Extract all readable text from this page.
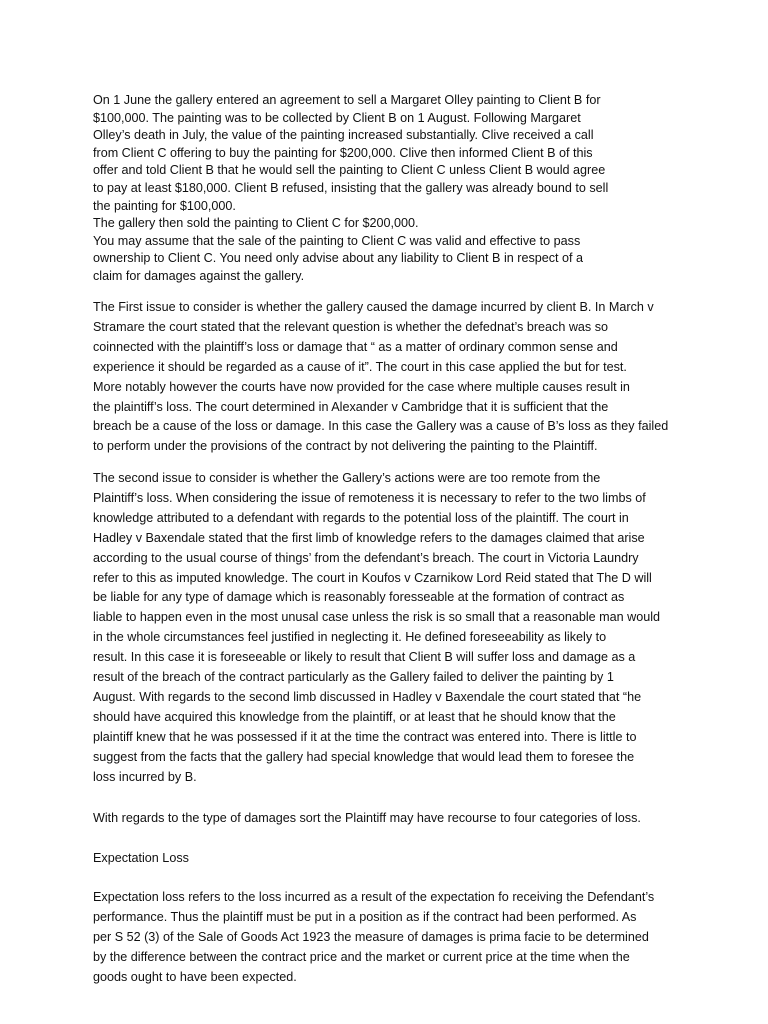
On 1 June the gallery entered an agreement to sell a Margaret Olley painting to Client B for
$100,000. The painting was to be collected by Client B on 1 August. Following Margaret
Olley’s death in July, the value of the painting increased substantially. Clive received a call
from Client C offering to buy the painting for $200,000. Clive then informed Client B of this
offer and told Client B that he would sell the painting to Client C unless Client B would agree
to pay at least $180,000. Client B refused, insisting that the gallery was already bound to sell
the painting for $100,000.
The gallery then sold the painting to Client C for $200,000.
You may assume that the sale of the painting to Client C was valid and effective to pass
ownership to Client C. You need only advise about any liability to Client B in respect of a
claim for damages against the gallery.

The First issue to consider is whether the gallery caused the damage incurred by client B. In March v
Stramare the court stated that the relevant question is whether the defednat’s breach was so
coinnected with the plaintiff’s loss or damage that “ as a matter of ordinary common sense and
experience it should be regarded as a cause of it”. The court in this case applied the but for test.
More notably however the courts have now provided for the case where multiple causes result in
the plaintiff’s loss. The court determined in Alexander v Cambridge that it is sufficient that the
breach be a cause of the loss or damage. In this case the Gallery was a cause of B’s loss as they failed
to perform under the provisions of the contract by not delivering the painting to the Plaintiff.

The second issue to consider is whether the Gallery’s actions were are too remote from the
Plaintiff’s loss. When considering the issue of remoteness it is necessary to refer to the two limbs of
knowledge attributed to a defendant with regards to the potential loss of the plaintiff. The court in
Hadley v Baxendale stated that the first limb of knowledge refers to the damages claimed that arise
according to the usual course of things’ from the defendant’s breach. The court in Victoria Laundry
refer to this as imputed knowledge. The court in Koufos v Czarnikow Lord Reid stated that The D will
be liable for any type of damage which is reasonably foresseable at the formation of contract as
liable to happen even in the most unusal case unless the risk is so small that a reasonable man would
in the whole circumstances feel justified in neglecting it. He defined foreseeability as likely to
result. In this case it is foreseeable or likely to result that Client B will suffer loss and damage as a
result of the breach of the contract particularly as the Gallery failed to deliver the painting by 1
August. With regards to the second limb discussed in Hadley v Baxendale the court stated that “he
should have acquired this knowledge from the plaintiff, or at least that he should know that the
plaintiff knew that he was possessed if it at the time the contract was entered into. There is little to
suggest from the facts that the gallery had special knowledge that would lead them to foresee the
loss incurred by B.

With regards to the type of damages sort the Plaintiff may have recourse to four categories of loss.

Expectation Loss

Expectation loss refers to the loss incurred as a result of the expectation fo receiving the Defendant’s
performance. Thus the plaintiff must be put in a position as if the contract had been performed. As
per S 52 (3) of the Sale of Goods Act 1923 the measure of damages is prima facie to be determined
by the difference between the contract price and the market or current price at the time when the
goods ought to have been expected.
